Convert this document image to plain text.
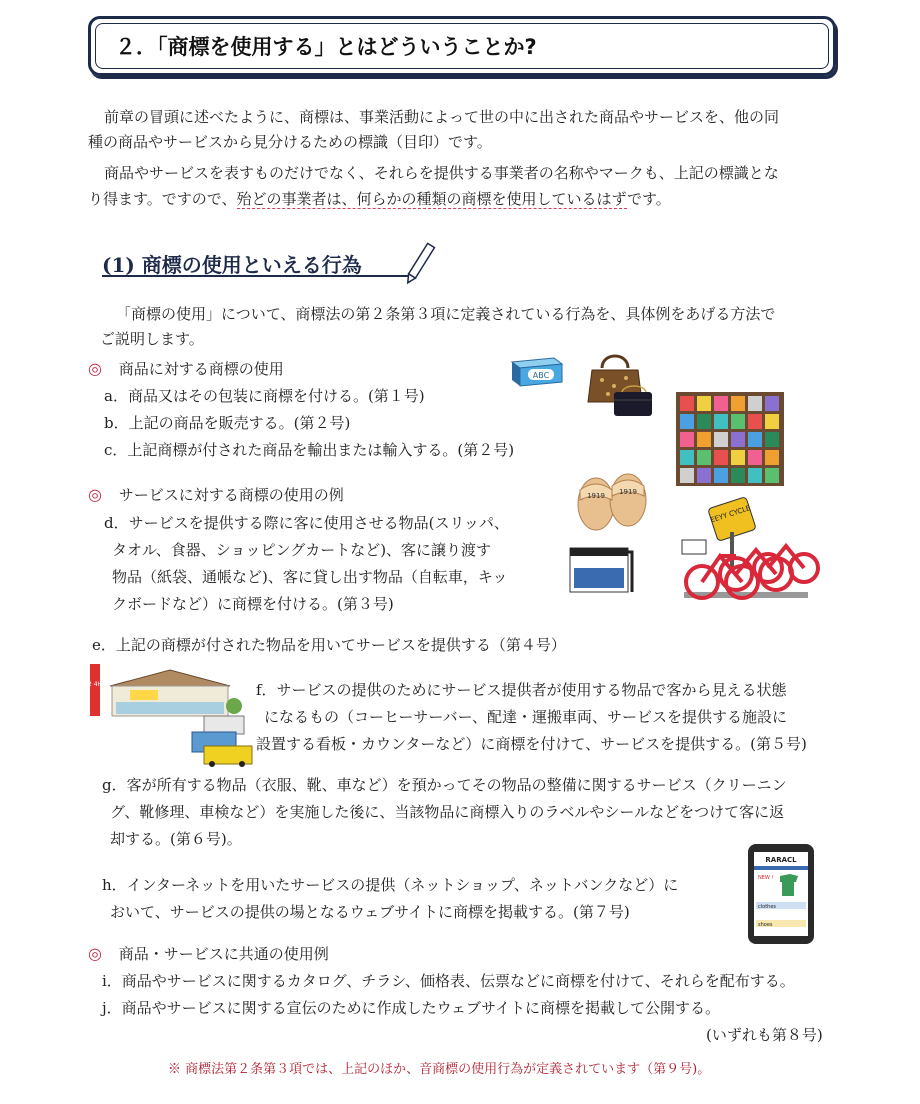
２．「商標を使用する」とはどういうことか?
前章の冒頭に述べたように、商標は、事業活動によって世の中に出された商品やサービスを、他の同
種の商品やサービスから見分けるための標識（目印）です。
商品やサービスを表すものだけでなく、それらを提供する事業者の名称やマークも、上記の標識とな
り得ます。ですので、殆どの事業者は、何らかの種類の商標を使用しているはずです。
(1) 商標の使用といえる行為
「商標の使用」について、商標法の第２条第３項に定義されている行為を、具体例をあげる方法で
ご説明します。
◎ 商品に対する商標の使用
a．商品又はその包装に商標を付ける。(第１号)
b．上記の商品を販売する。(第２号)
c．上記商標が付された商品を輸出または輸入する。(第２号)
◎ サービスに対する商標の使用の例
d．サービスを提供する際に客に使用させる物品(スリッパ、
タオル、食器、ショッピングカートなど)、客に譲り渡す
物品（紙袋、通帳など)、客に貸し出す物品（自転車，キッ
クボードなど）に商標を付ける。(第３号)
e．上記の商標が付された物品を用いてサービスを提供する（第４号）
f．サービスの提供のためにサービス提供者が使用する物品で客から見える状態
になるもの（コーヒーサーバー、配達・運搬車両、サービスを提供する施設に
設置する看板・カウンターなど）に商標を付けて、サービスを提供する。(第５号)
g．客が所有する物品（衣服、靴、車など）を預かってその物品の整備に関するサービス（クリーニン
グ、靴修理、車検など）を実施した後に、当該物品に商標入りのラベルやシールなどをつけて客に返
却する。(第６号)。
h．インターネットを用いたサービスの提供（ネットショップ、ネットバンクなど）に
おいて、サービスの提供の場となるウェブサイトに商標を掲載する。(第７号)
◎ 商品・サービスに共通の使用例
i．商品やサービスに関するカタログ、チラシ、価格表、伝票などに商標を付けて、それらを配布する。
j．商品やサービスに関する宣伝のために作成したウェブサイトに商標を掲載して公開する。
(いずれも第８号)
※ 商標法第２条第３項では、上記のほか、音商標の使用行為が定義されています（第９号)。
ABC
1919 1919
EEYY CYCLE
2 4H
RARACL
NEW !
clothes
shoes
